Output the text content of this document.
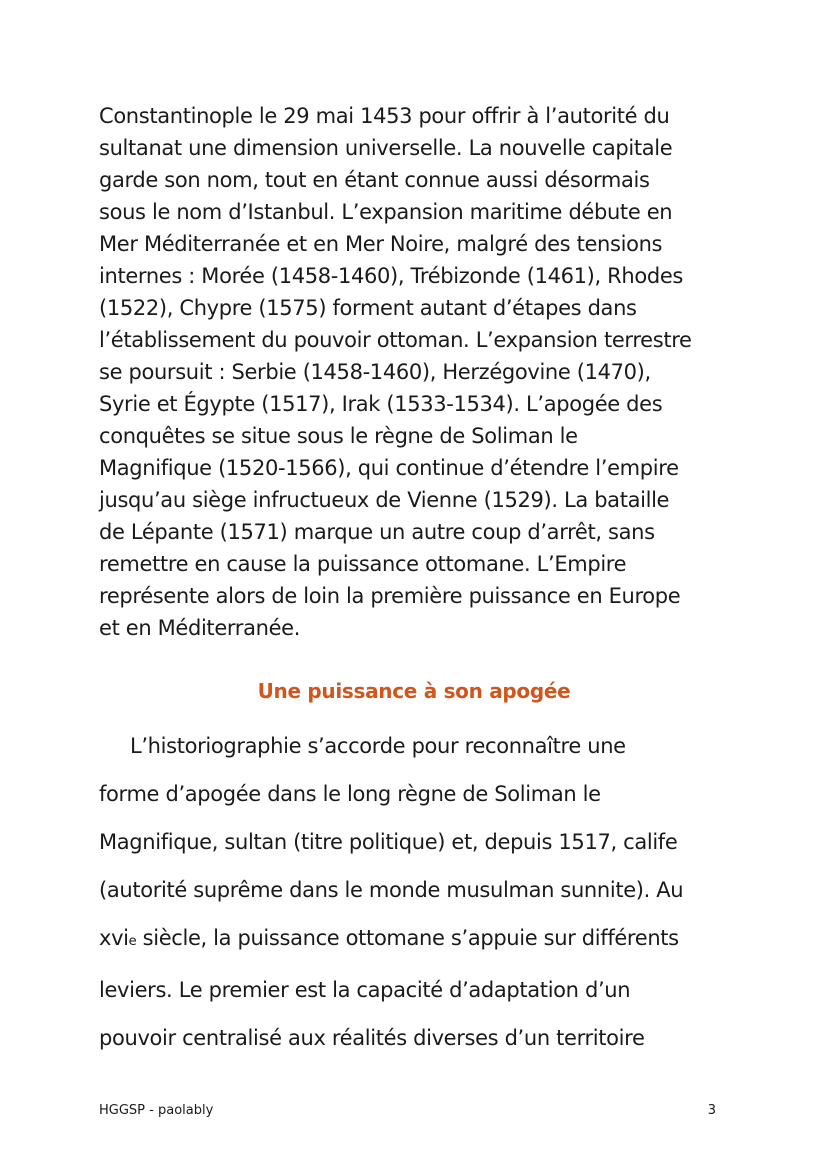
Constantinople le 29 mai 1453 pour offrir à l’autorité du
sultanat une dimension universelle. La nouvelle capitale
garde son nom, tout en étant connue aussi désormais
sous le nom d’Istanbul. L’expansion maritime débute en
Mer Méditerranée et en Mer Noire, malgré des tensions
internes : Morée (1458-1460), Trébizonde (1461), Rhodes
(1522), Chypre (1575) forment autant d’étapes dans
l’établissement du pouvoir ottoman. L’expansion terrestre
se poursuit : Serbie (1458-1460), Herzégovine (1470),
Syrie et Égypte (1517), Irak (1533-1534). L’apogée des
conquêtes se situe sous le règne de Soliman le
Magnifique (1520-1566), qui continue d’étendre l’empire
jusqu’au siège infructueux de Vienne (1529). La bataille
de Lépante (1571) marque un autre coup d’arrêt, sans
remettre en cause la puissance ottomane. L’Empire
représente alors de loin la première puissance en Europe
et en Méditerranée.
Une puissance à son apogée
L’historiographie s’accorde pour reconnaître une
forme d’apogée dans le long règne de Soliman le
Magnifique, sultan (titre politique) et, depuis 1517, calife
(autorité suprême dans le monde musulman sunnite). Au
xvie siècle, la puissance ottomane s’appuie sur différents
leviers. Le premier est la capacité d’adaptation d’un
pouvoir centralisé aux réalités diverses d’un territoire
HGGSP - paolably	3
